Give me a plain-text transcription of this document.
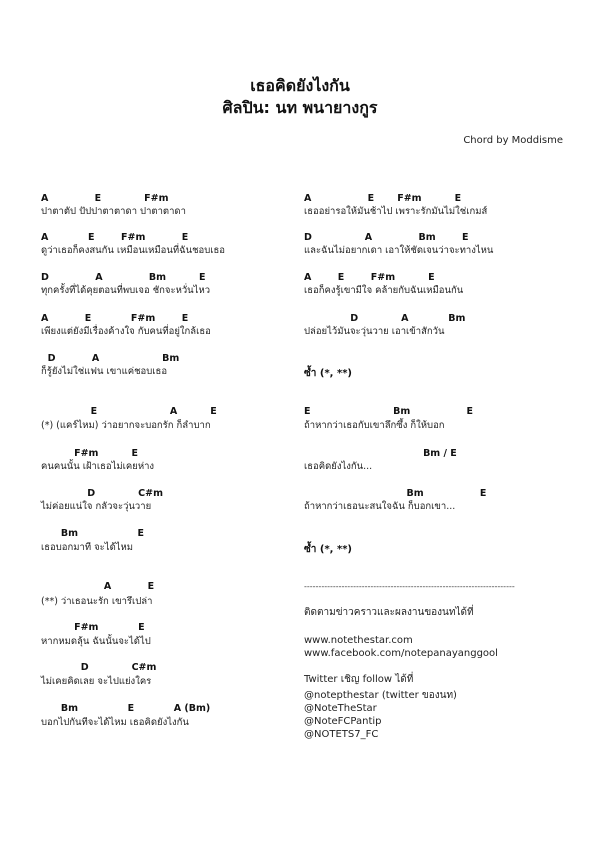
เธอคิดยังไงกัน
ศิลปิน: นท พนายางกูร
Chord by Moddisme
A              E             F#m
ปาตาตัป ปัปปาตาตาดา ปาตาตาดา
A            E        F#m           E
ดูว่าเธอก็คงสนกัน เหมือนเหมือนที่ฉันชอบเธอ
D              A              Bm          E
ทุกครั้งที่ได้คุยตอนที่พบเจอ ชักจะหวั่นไหว
A           E            F#m        E
เพียงแต่ยังมีเรื่องค้างใจ กับคนที่อยู่ใกล้เธอ
D           A                   Bm
ก็รู้ยังไม่ใช่แฟน เขาแค่ชอบเธอ
E                      A          E
(*) (แคร์ไหม) ว่าอยากจะบอกรัก ก็ลำบาก
F#m          E
คนคนนั้น เฝ้าเธอไม่เคยห่าง
D             C#m
ไม่ค่อยแน่ใจ กลัวจะวุ่นวาย
Bm                  E
เธอบอกมาที จะได้ไหม
A           E
(**) ว่าเธอนะรัก เขารึเปล่า
F#m            E
หากหมดลุ้น ฉันนั้นจะได้ไป
D             C#m
ไม่เคยคิดเลย จะไปแย่งใคร
Bm               E            A (Bm)
บอกไปกันทีจะได้ไหม เธอคิดยังไงกัน
A                 E       F#m          E
เธออย่ารอให้มันช้าไป เพราะรักมันไม่ใช่เกมส์
D                A              Bm        E
และฉันไม่อยากเดา เอาให้ชัดเจนว่าจะทางไหน
A        E        F#m          E
เธอก็คงรู้เขามีใจ คล้ายกับฉันเหมือนกัน
D             A            Bm
ปล่อยไว้มันจะวุ่นวาย เอาเข้าสักวัน
ซ้ำ (*, **)
E                         Bm                 E
ถ้าหากว่าเธอกับเขาลึกซึ้ง ก็ให้บอก
Bm / E
เธอคิดยังไงกัน...
Bm                 E
ถ้าหากว่าเธอนะสนใจฉัน ก็บอกเขา...
ซ้ำ (*, **)
-------------------------------------------------------------------------
ติดตามข่าวคราวและผลงานของนทได้ที่
www.notethestar.com
www.facebook.com/notepanayanggool
Twitter เชิญ follow ได้ที่
@notepthestar (twitter ของนท)
@NoteTheStar
@NoteFCPantip
@NOTETS7_FC
